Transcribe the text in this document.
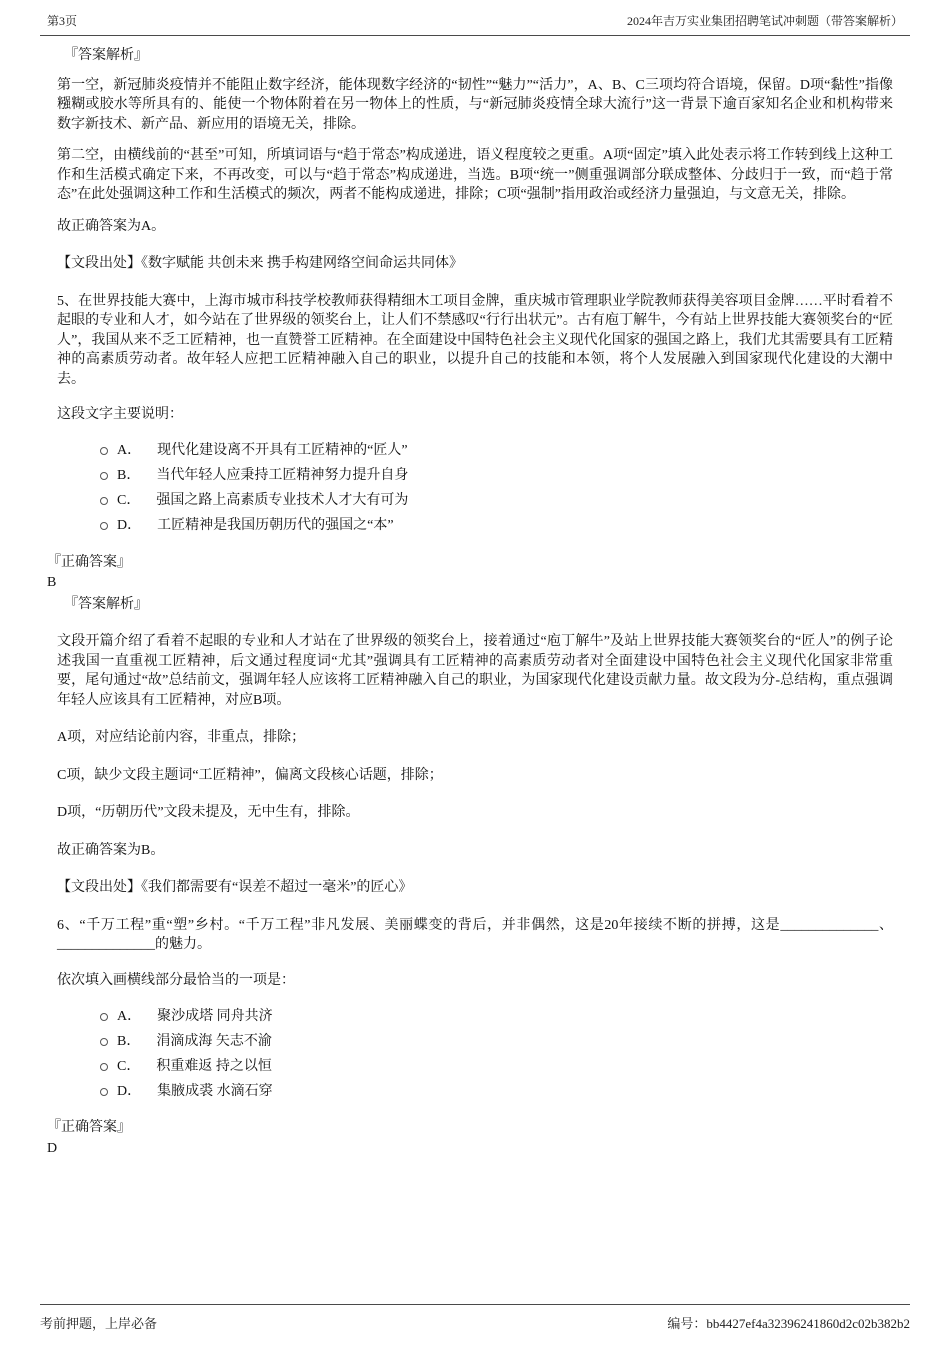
第3页	2024年吉万实业集团招聘笔试冲刺题（带答案解析）

『答案解析』

第一空，新冠肺炎疫情并不能阻止数字经济，能体现数字经济的“韧性”“魅力”“活力”，A、B、C三项均符合语境，保留。D项“黏性”指像糨糊或胶水等所具有的、能使一个物体附着在另一物体上的性质，与“新冠肺炎疫情全球大流行”这一背景下逾百家知名企业和机构带来数字新技术、新产品、新应用的语境无关，排除。

第二空，由横线前的“甚至”可知，所填词语与“趋于常态”构成递进，语义程度较之更重。A项“固定”填入此处表示将工作转到线上这种工作和生活模式确定下来，不再改变，可以与“趋于常态”构成递进，当选。B项“统一”侧重强调部分联成整体、分歧归于一致，而“趋于常态”在此处强调这种工作和生活模式的频次，两者不能构成递进，排除；C项“强制”指用政治或经济力量强迫，与文意无关，排除。

故正确答案为A。

【文段出处】《数字赋能 共创未来 携手构建网络空间命运共同体》

5、在世界技能大赛中，上海市城市科技学校教师获得精细木工项目金牌，重庆城市管理职业学院教师获得美容项目金牌……平时看着不起眼的专业和人才，如今站在了世界级的领奖台上，让人们不禁感叹“行行出状元”。古有庖丁解牛，今有站上世界技能大赛领奖台的“匠人”，我国从来不乏工匠精神，也一直赞誉工匠精神。在全面建设中国特色社会主义现代化国家的强国之路上，我们尤其需要具有工匠精神的高素质劳动者。故年轻人应把工匠精神融入自己的职业，以提升自己的技能和本领，将个人发展融入到国家现代化建设的大潮中去。

这段文字主要说明：

A． 现代化建设离不开具有工匠精神的“匠人”
B． 当代年轻人应秉持工匠精神努力提升自身
C． 强国之路上高素质专业技术人才大有可为
D． 工匠精神是我国历朝历代的强国之“本”

『正确答案』

B

『答案解析』

文段开篇介绍了看着不起眼的专业和人才站在了世界级的领奖台上，接着通过“庖丁解牛”及站上世界技能大赛领奖台的“匠人”的例子论述我国一直重视工匠精神，后文通过程度词“尤其”强调具有工匠精神的高素质劳动者对全面建设中国特色社会主义现代化国家非常重要，尾句通过“故”总结前文，强调年轻人应该将工匠精神融入自己的职业，为国家现代化建设贡献力量。故文段为分-总结构，重点强调年轻人应该具有工匠精神，对应B项。

A项，对应结论前内容，非重点，排除；

C项，缺少文段主题词“工匠精神”，偏离文段核心话题，排除；

D项，“历朝历代”文段未提及，无中生有，排除。

故正确答案为B。

【文段出处】《我们都需要有“误差不超过一毫米”的匠心》

6、“千万工程”重“塑”乡村。“千万工程”非凡发展、美丽蝶变的背后，并非偶然，这是20年接续不断的拼搏，这是______________、______________的魅力。

依次填入画横线部分最恰当的一项是：

A． 聚沙成塔 同舟共济
B． 涓滴成海 矢志不渝
C． 积重难返 持之以恒
D． 集腋成裘 水滴石穿

『正确答案』

D

考前押题，上岸必备	编号：bb4427ef4a32396241860d2c02b382b2
